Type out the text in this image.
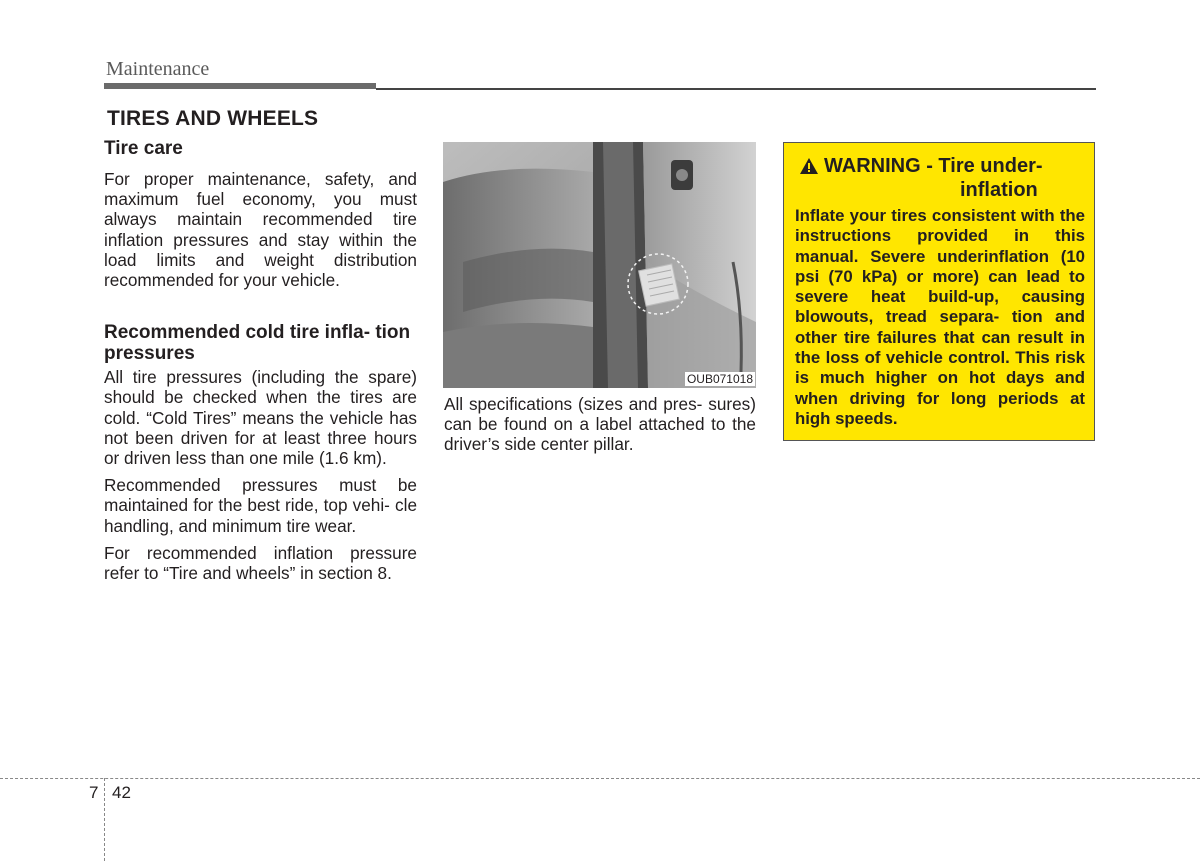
Maintenance
TIRES AND WHEELS
Tire care

For proper maintenance, safety, and maximum fuel economy, you must always maintain recommended tire inflation pressures and stay within the load limits and weight distribution recommended for your vehicle.

Recommended cold tire infla- tion pressures

All tire pressures (including the spare) should be checked when the tires are cold. “Cold Tires” means the vehicle has not been driven for at least three hours or driven less than one mile (1.6 km).

Recommended pressures must be maintained for the best ride, top vehi- cle handling, and minimum tire wear.

For recommended inflation pressure refer to “Tire and wheels” in section 8.

OUB071018

All specifications (sizes and pres- sures) can be found on a label attached to the driver’s side center pillar.

WARNING - Tire under-
inflation

Inflate your tires consistent with the instructions provided in this manual. Severe underinflation (10 psi (70 kPa) or more) can lead to severe heat build-up, causing blowouts, tread separa- tion and other tire failures that can result in the loss of vehicle control. This risk is much higher on hot days and when driving for long periods at high speeds.

7 42
